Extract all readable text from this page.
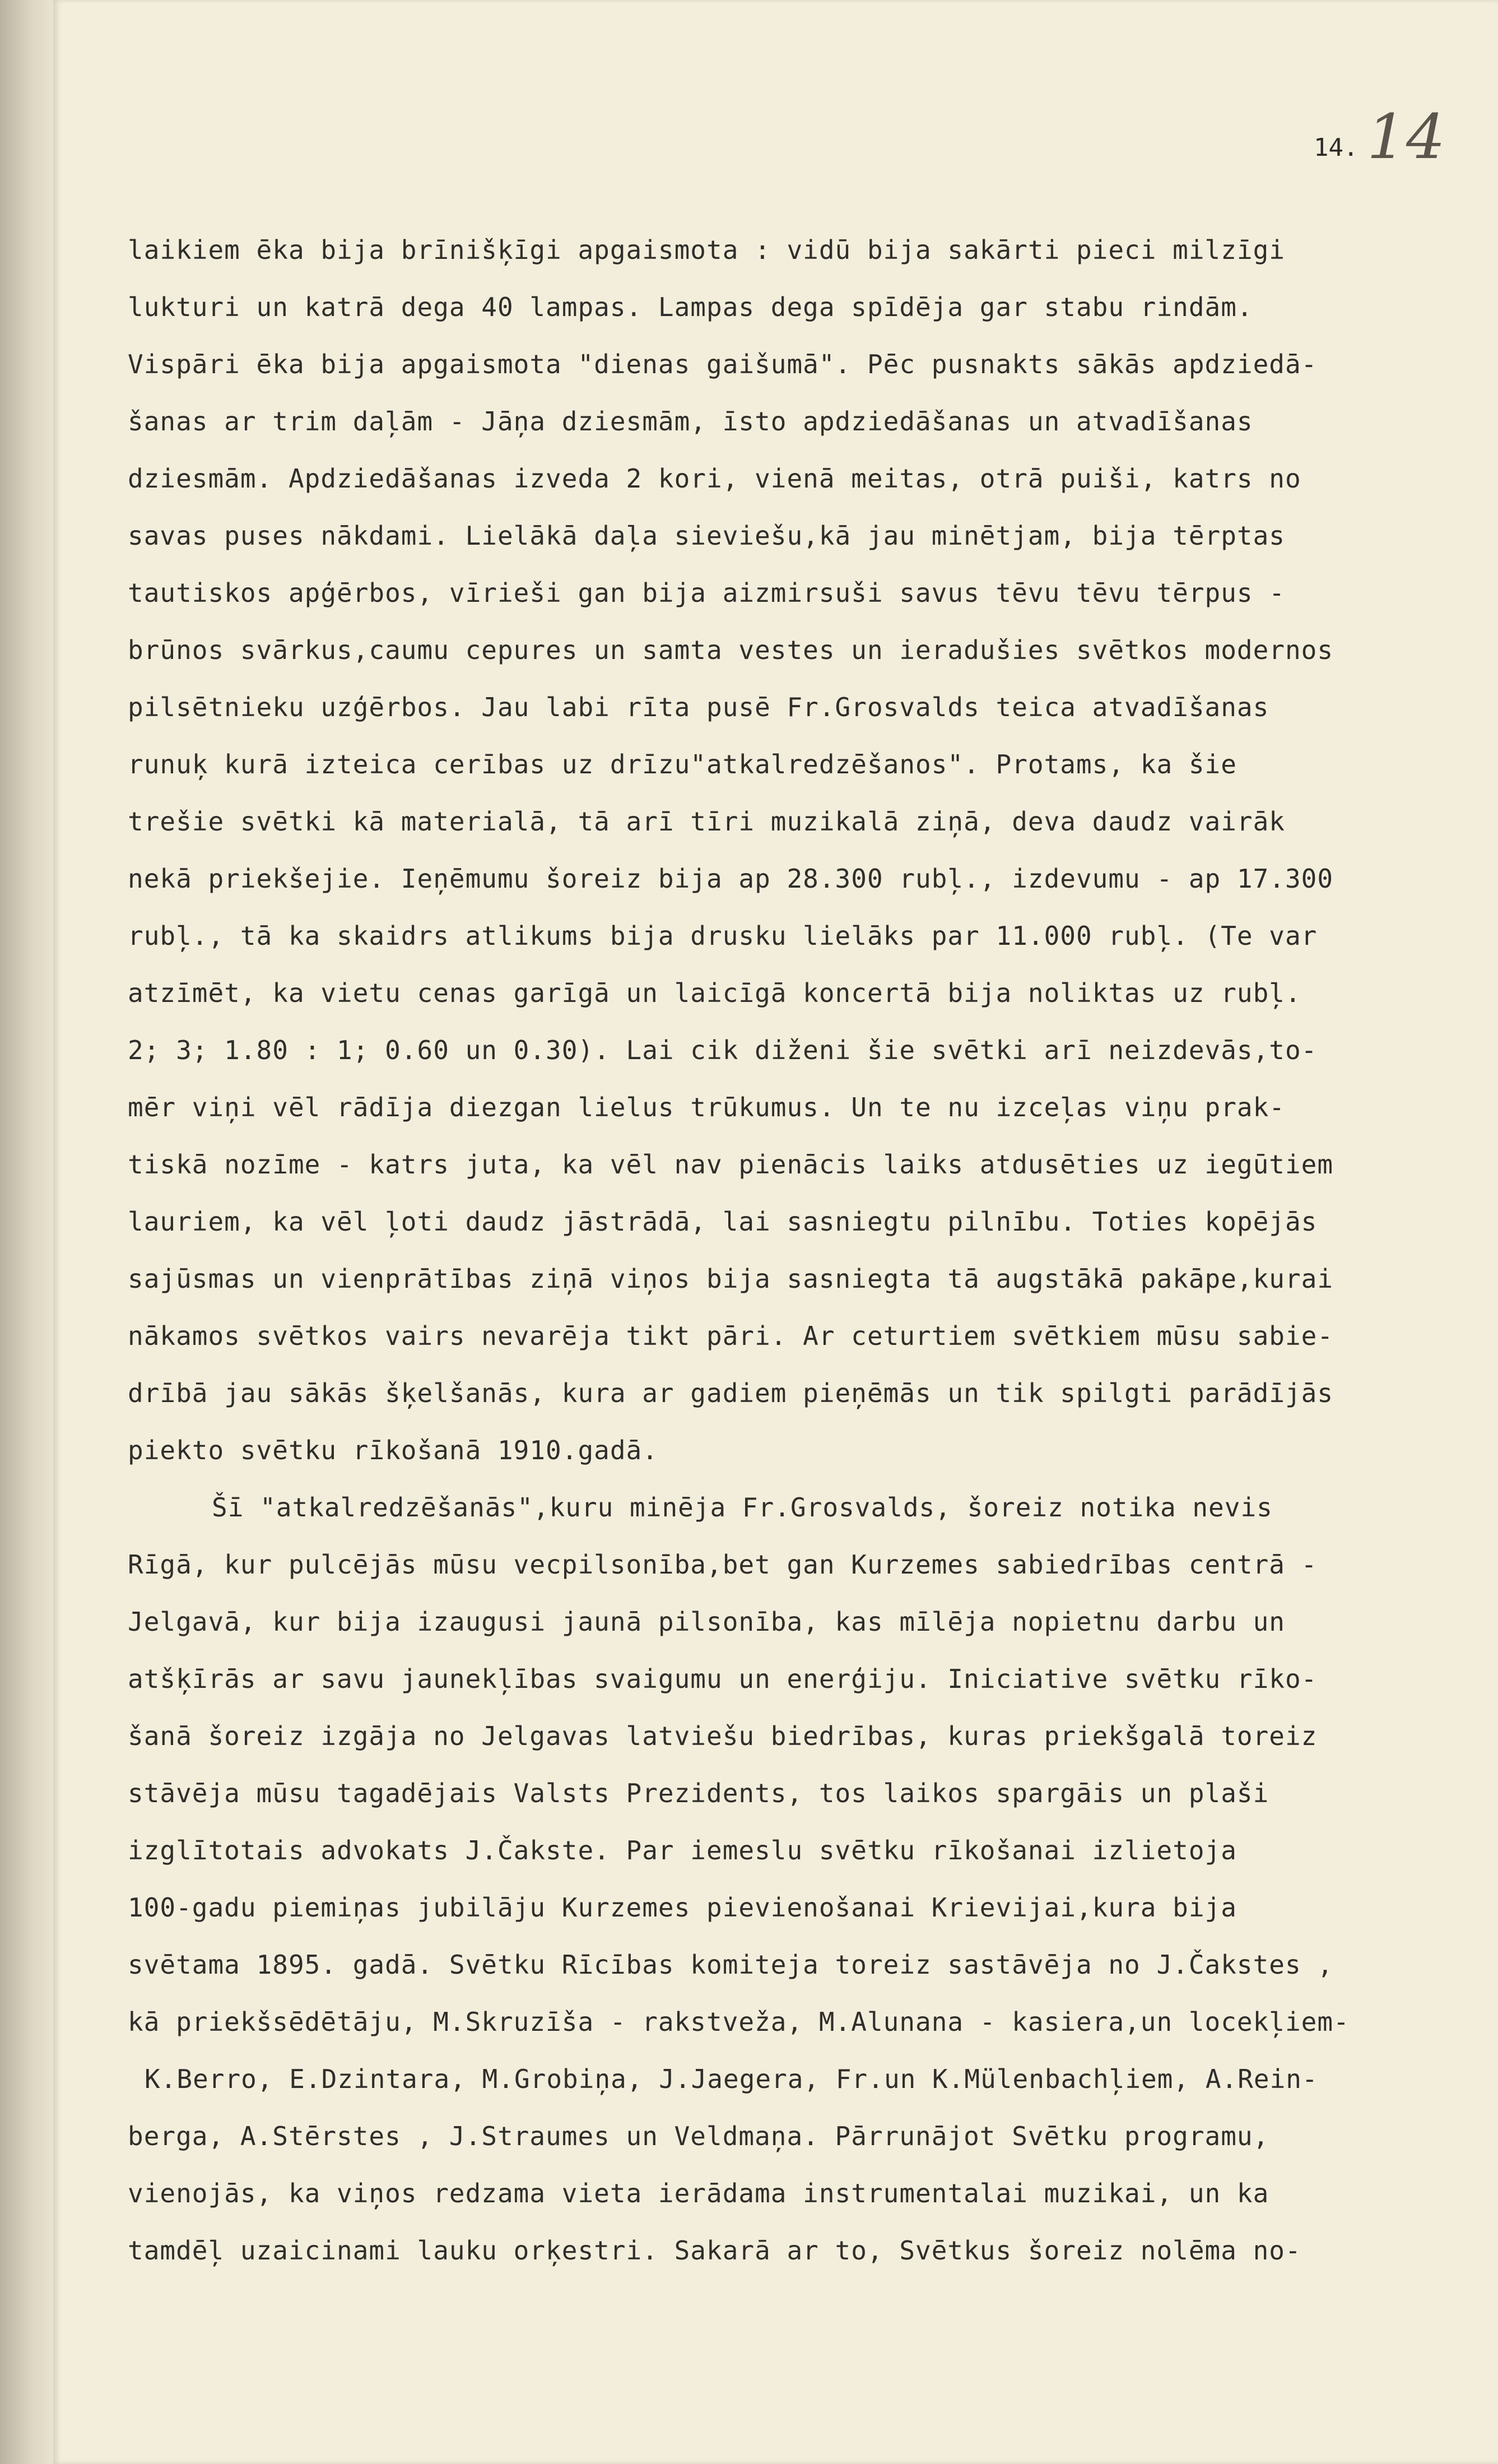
14. 14
laikiem ēka bija brīnišķīgi apgaismota : vidū bija sakārti pieci milzīgi
lukturi un katrā dega 40 lampas. Lampas dega spīdēja gar stabu rindām.
Vispāri ēka bija apgaismota "dienas gaišumā". Pēc pusnakts sākās apdziedā-
šanas ar trim daļām - Jāņa dziesmām, īsto apdziedāšanas un atvadīšanas
dziesmām. Apdziedāšanas izveda 2 kori, vienā meitas, otrā puiši, katrs no
savas puses nākdami. Lielākā daļa sieviešu,kā jau minētjam, bija tērptas
tautiskos apģērbos, vīrieši gan bija aizmirsuši savus tēvu tēvu tērpus -
brūnos svārkus,caumu cepures un samta vestes un ieradušies svētkos modernos
pilsētnieku uzģērbos. Jau labi rīta pusē Fr.Grosvalds teica atvadīšanas
runuķ kurā izteica cerības uz drīzu"atkalredzēšanos". Protams, ka šie
trešie svētki kā materialā, tā arī tīri muzikalā ziņā, deva daudz vairāk
nekā priekšejie. Ieņēmumu šoreiz bija ap 28.300 rubļ., izdevumu - ap 17.300
rubļ., tā ka skaidrs atlikums bija drusku lielāks par 11.000 rubļ. (Te var
atzīmēt, ka vietu cenas garīgā un laicīgā koncertā bija noliktas uz rubļ.
2; 3; 1.80 : 1; 0.60 un 0.30). Lai cik diženi šie svētki arī neizdevās,to-
mēr viņi vēl rādīja diezgan lielus trūkumus. Un te nu izceļas viņu prak-
tiskā nozīme - katrs juta, ka vēl nav pienācis laiks atdusēties uz iegūtiem
lauriem, ka vēl ļoti daudz jāstrādā, lai sasniegtu pilnību. Toties kopējās
sajūsmas un vienprātības ziņā viņos bija sasniegta tā augstākā pakāpe,kurai
nākamos svētkos vairs nevarēja tikt pāri. Ar ceturtiem svētkiem mūsu sabie-
drībā jau sākās šķelšanās, kura ar gadiem pieņēmās un tik spilgti parādījās
piekto svētku rīkošanā 1910.gadā.
Šī "atkalredzēšanās",kuru minēja Fr.Grosvalds, šoreiz notika nevis
Rīgā, kur pulcējās mūsu vecpilsonība,bet gan Kurzemes sabiedrības centrā -
Jelgavā, kur bija izaugusi jaunā pilsonība, kas mīlēja nopietnu darbu un
atšķīrās ar savu jaunekļības svaigumu un enerģiju. Iniciative svētku rīko-
šanā šoreiz izgāja no Jelgavas latviešu biedrības, kuras priekšgalā toreiz
stāvēja mūsu tagadējais Valsts Prezidents, tos laikos spargāis un plaši
izglītotais advokats J.Čakste. Par iemeslu svētku rīkošanai izlietoja
100-gadu piemiņas jubilāju Kurzemes pievienošanai Krievijai,kura bija
svētama 1895. gadā. Svētku Rīcības komiteja toreiz sastāvēja no J.Čakstes ,
kā priekšsēdētāju, M.Skruzīša - rakstveža, M.Alunana - kasiera,un locekļiem-
K.Berro, E.Dzintara, M.Grobiņa, J.Jaegera, Fr.un K.Mülenbachļiem, A.Rein-
berga, A.Stērstes , J.Straumes un Veldmaņa. Pārrunājot Svētku programu,
vienojās, ka viņos redzama vieta ierādama instrumentalai muzikai, un ka
tamdēļ uzaicinami lauku orķestri. Sakarā ar to, Svētkus šoreiz nolēma no-
